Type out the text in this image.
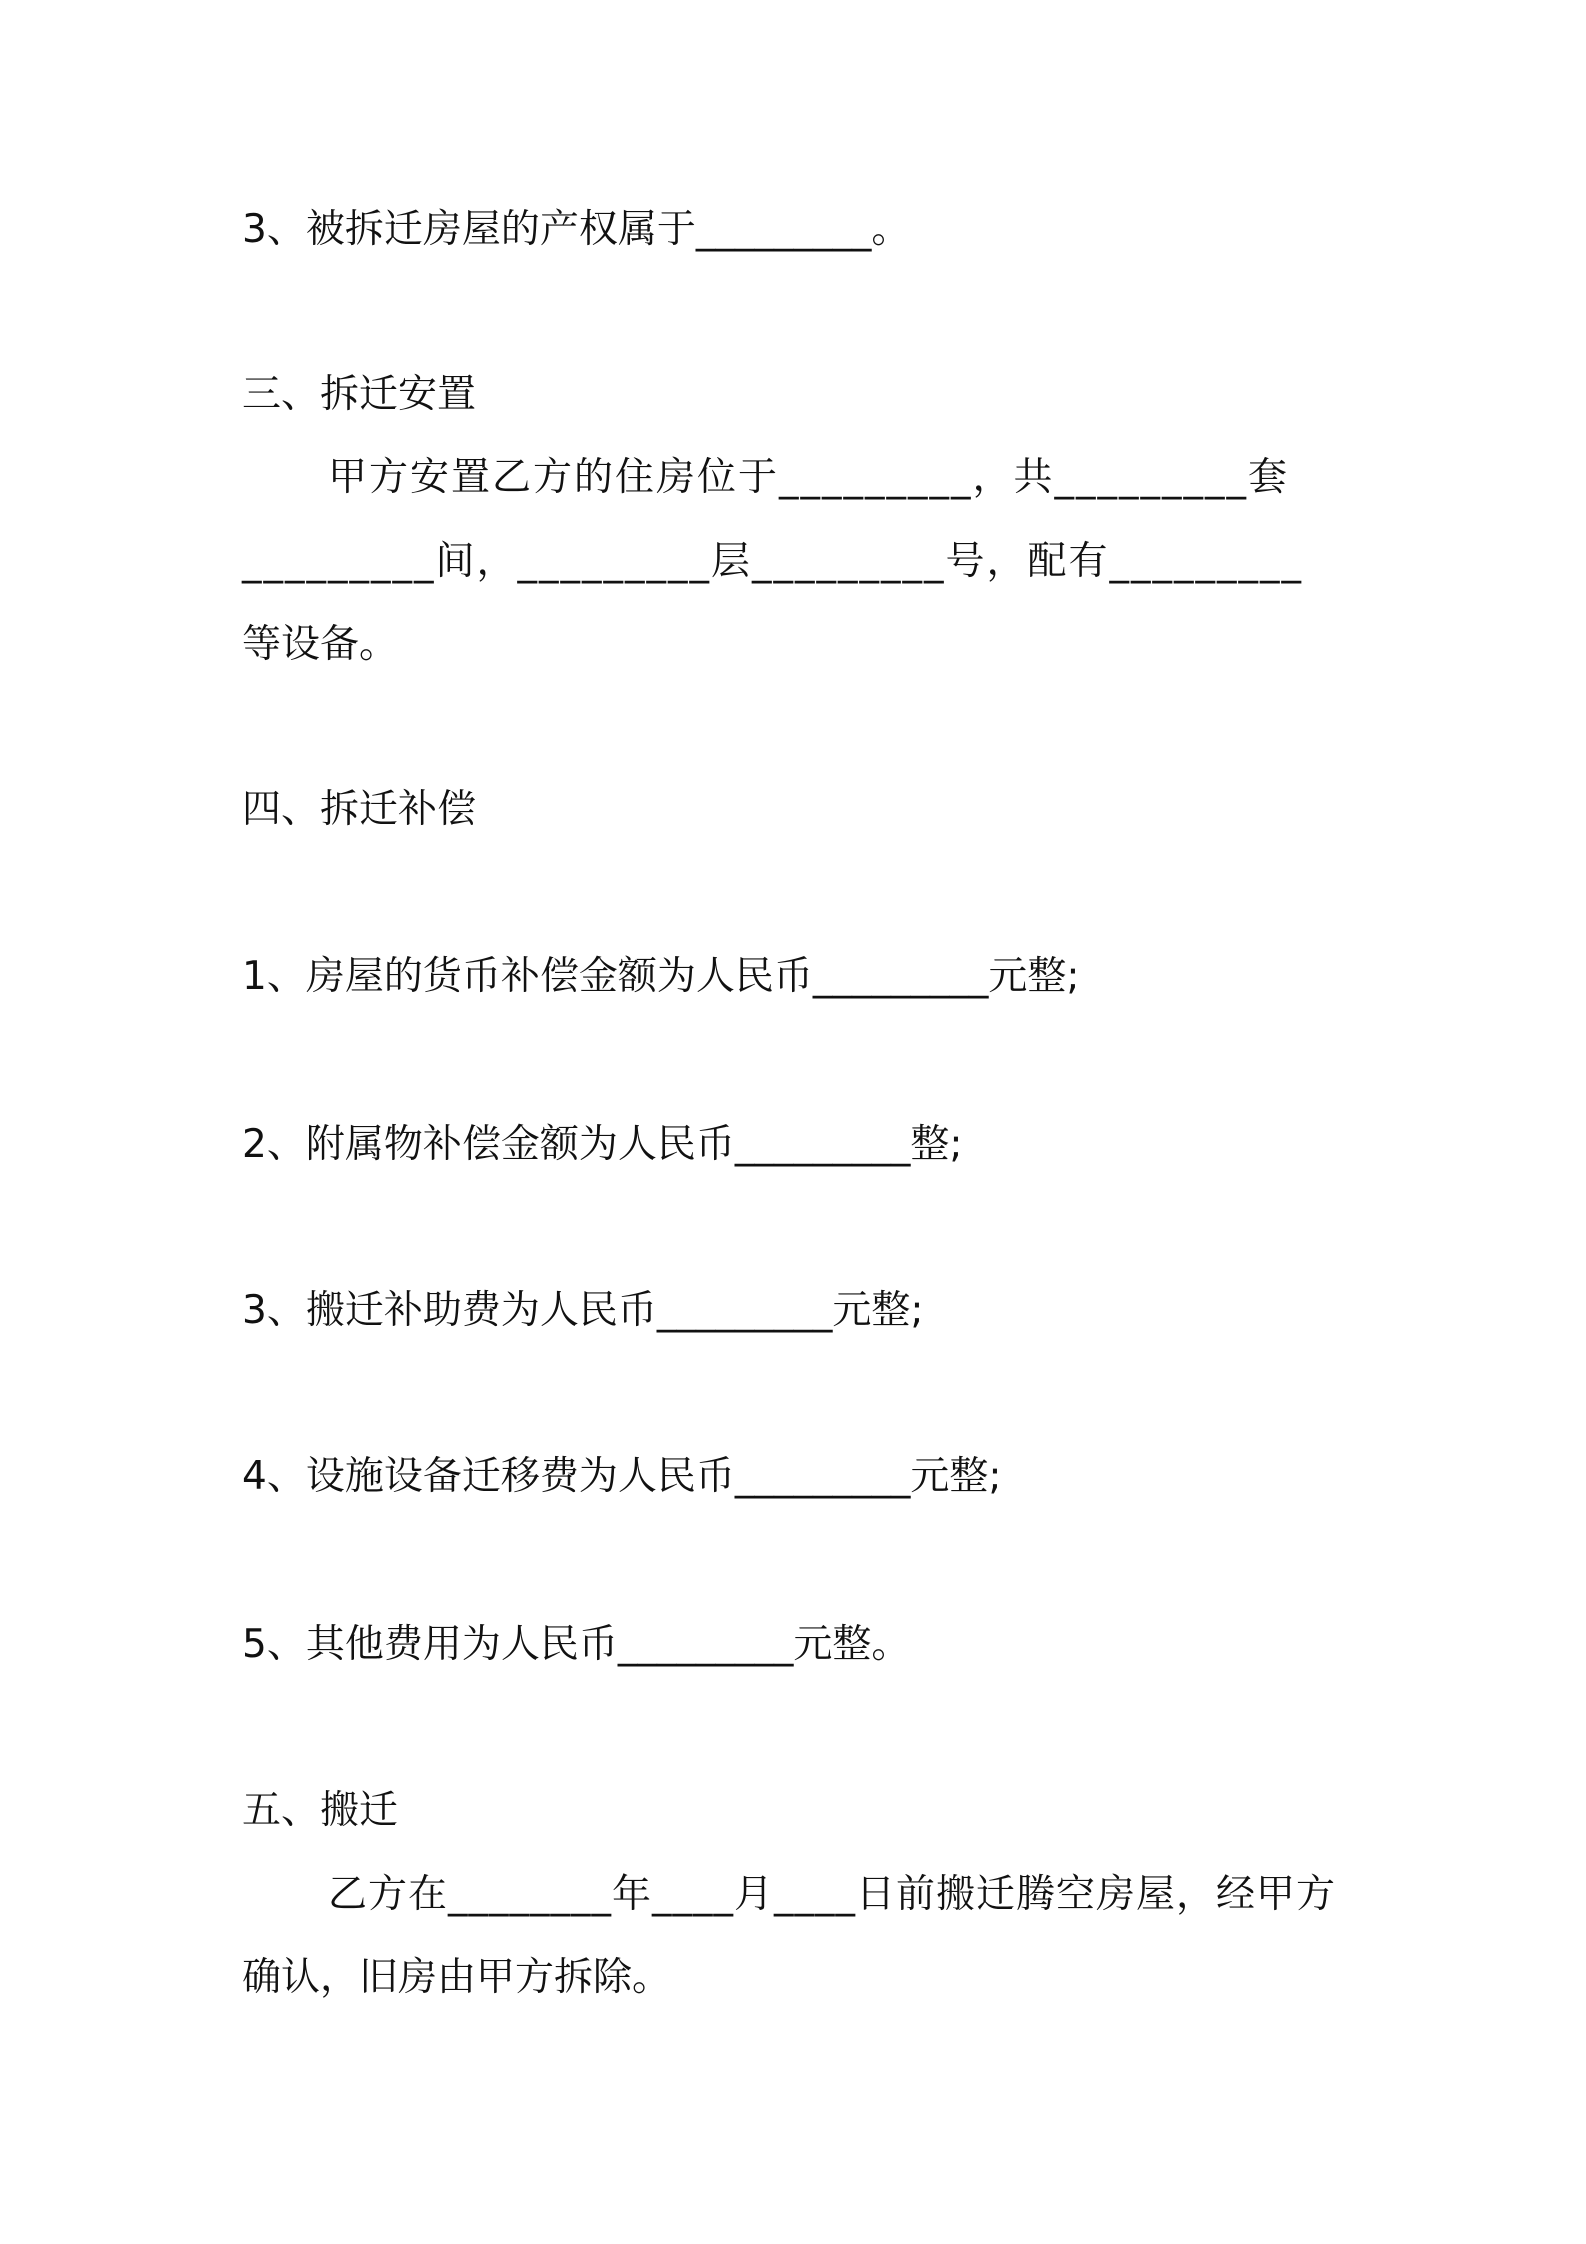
3、被拆迁房屋的产权属于_________。
三、拆迁安置
甲方安置乙方的住房位于_________，共_________套
_________间，_________层_________号，配有_________
等设备。
四、拆迁补偿
1、房屋的货币补偿金额为人民币_________元整;
2、附属物补偿金额为人民币_________整;
3、搬迁补助费为人民币_________元整;
4、设施设备迁移费为人民币_________元整;
5、其他费用为人民币_________元整。
五、搬迁
乙方在________年____月____日前搬迁腾空房屋，经甲方
确认，旧房由甲方拆除。
